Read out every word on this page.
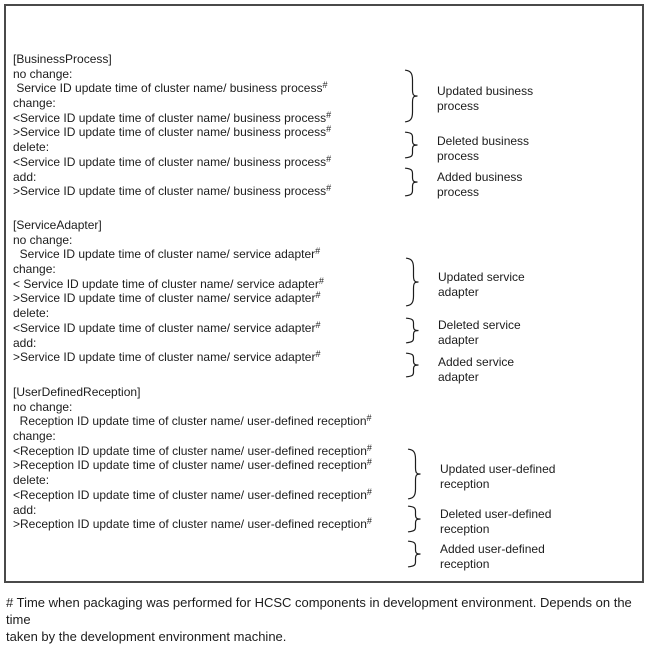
[BusinessProcess]
no change:
Service ID update time of cluster name/ business process#
change:
<Service ID update time of cluster name/ business process#
>Service ID update time of cluster name/ business process#
delete:
<Service ID update time of cluster name/ business process#
add:
>Service ID update time of cluster name/ business process#
[ServiceAdapter]
no change:
Service ID update time of cluster name/ service adapter#
change:
< Service ID update time of cluster name/ service adapter#
>Service ID update time of cluster name/ service adapter#
delete:
<Service ID update time of cluster name/ service adapter#
add:
>Service ID update time of cluster name/ service adapter#
[UserDefinedReception]
no change:
Reception ID update time of cluster name/ user-defined reception#
change:
<Reception ID update time of cluster name/ user-defined reception#
>Reception ID update time of cluster name/ user-defined reception#
delete:
<Reception ID update time of cluster name/ user-defined reception#
add:
>Reception ID update time of cluster name/ user-defined reception#
Updated business
process
Deleted business
process
Added business
process
Updated service
adapter
Deleted service
adapter
Added service
adapter
Updated user-defined
reception
Deleted user-defined
reception
Added user-defined
reception
# Time when packaging was performed for HCSC components in development environment. Depends on the time
taken by the development environment machine.
